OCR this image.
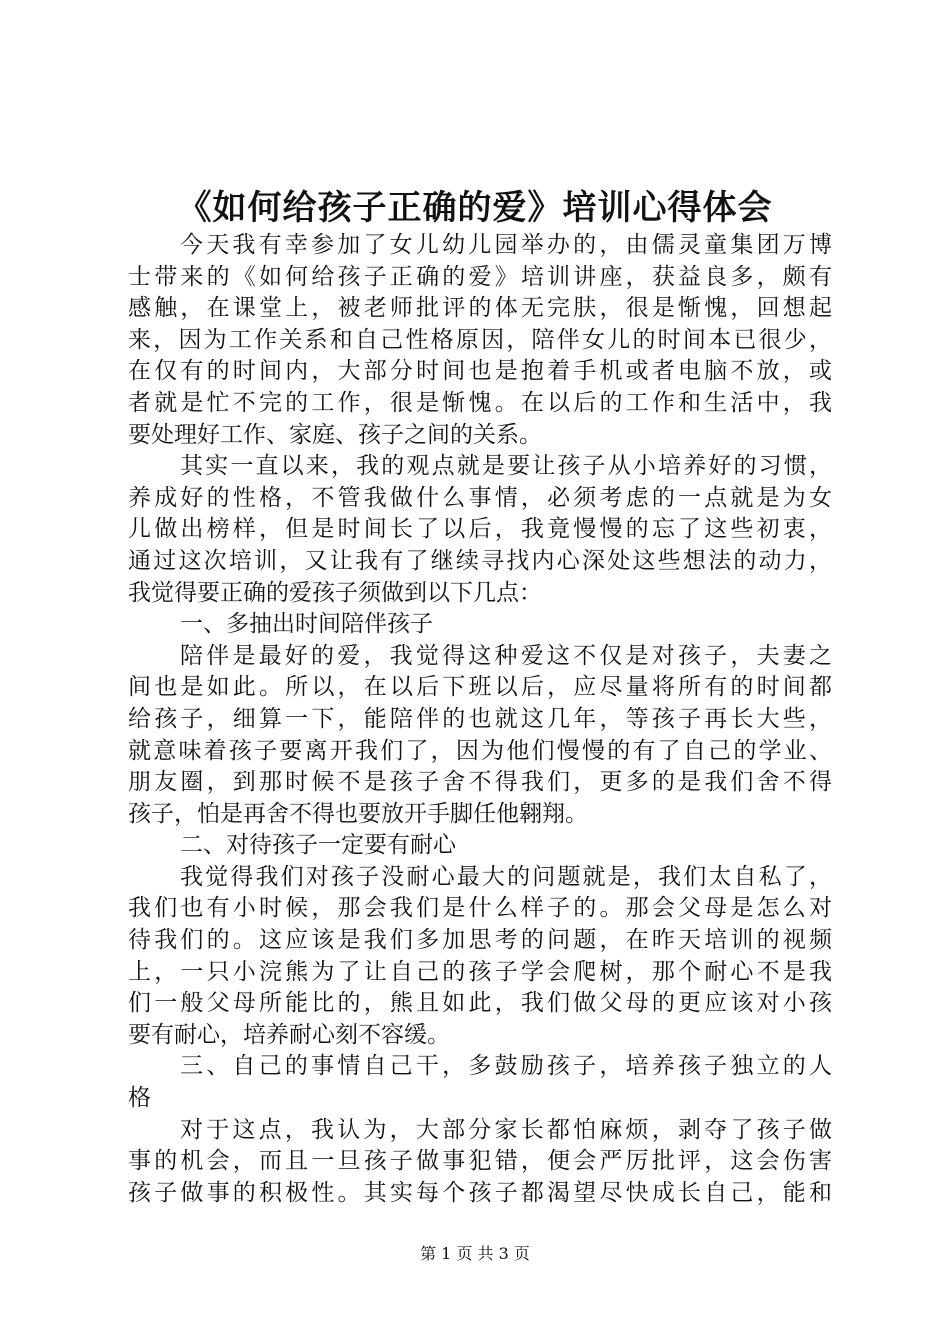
《如何给孩子正确的爱》培训心得体会
今天我有幸参加了女儿幼儿园举办的，由儒灵童集团万博
士带来的《如何给孩子正确的爱》培训讲座，获益良多，颇有
感触，在课堂上，被老师批评的体无完肤，很是惭愧，回想起
来，因为工作关系和自己性格原因，陪伴女儿的时间本已很少，
在仅有的时间内，大部分时间也是抱着手机或者电脑不放，或
者就是忙不完的工作，很是惭愧。在以后的工作和生活中，我
要处理好工作、家庭、孩子之间的关系。
其实一直以来，我的观点就是要让孩子从小培养好的习惯，
养成好的性格，不管我做什么事情，必须考虑的一点就是为女
儿做出榜样，但是时间长了以后，我竟慢慢的忘了这些初衷，
通过这次培训，又让我有了继续寻找内心深处这些想法的动力，
我觉得要正确的爱孩子须做到以下几点：
一、多抽出时间陪伴孩子
陪伴是最好的爱，我觉得这种爱这不仅是对孩子，夫妻之
间也是如此。所以，在以后下班以后，应尽量将所有的时间都
给孩子，细算一下，能陪伴的也就这几年，等孩子再长大些，
就意味着孩子要离开我们了，因为他们慢慢的有了自己的学业、
朋友圈，到那时候不是孩子舍不得我们，更多的是我们舍不得
孩子，怕是再舍不得也要放开手脚任他翱翔。
二、对待孩子一定要有耐心
我觉得我们对孩子没耐心最大的问题就是，我们太自私了，
我们也有小时候，那会我们是什么样子的。那会父母是怎么对
待我们的。这应该是我们多加思考的问题，在昨天培训的视频
上，一只小浣熊为了让自己的孩子学会爬树，那个耐心不是我
们一般父母所能比的，熊且如此，我们做父母的更应该对小孩
要有耐心，培养耐心刻不容缓。
三、自己的事情自己干，多鼓励孩子，培养孩子独立的人
格
对于这点，我认为，大部分家长都怕麻烦，剥夺了孩子做
事的机会，而且一旦孩子做事犯错，便会严厉批评，这会伤害
孩子做事的积极性。其实每个孩子都渴望尽快成长自己，能和
第 1 页 共 3 页
